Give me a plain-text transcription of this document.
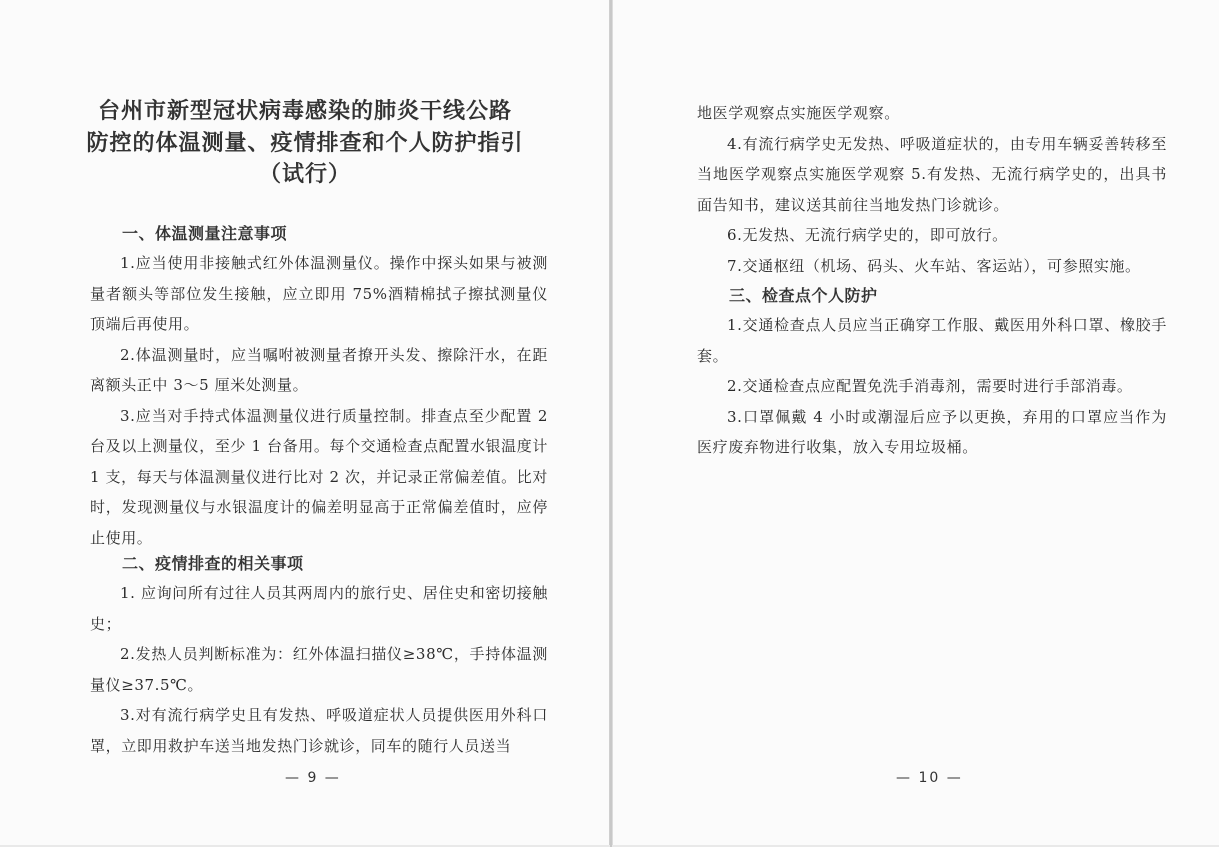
台州市新型冠状病毒感染的肺炎干线公路
防控的体温测量、疫情排查和个人防护指引
（试行）
一、体温测量注意事项

1.应当使用非接触式红外体温测量仪。操作中探头如果与被测量者额头等部位发生接触，应立即用 75%酒精棉拭子擦拭测量仪顶端后再使用。

2.体温测量时，应当嘱咐被测量者撩开头发、擦除汗水，在距离额头正中 3～5 厘米处测量。

3.应当对手持式体温测量仪进行质量控制。排查点至少配置 2 台及以上测量仪，至少 1 台备用。每个交通检查点配置水银温度计 1 支，每天与体温测量仪进行比对 2 次，并记录正常偏差值。比对时，发现测量仪与水银温度计的偏差明显高于正常偏差值时，应停止使用。

二、疫情排查的相关事项

1. 应询问所有过往人员其两周内的旅行史、居住史和密切接触史；

2.发热人员判断标准为：红外体温扫描仪≥38℃，手持体温测量仪≥37.5℃。

3.对有流行病学史且有发热、呼吸道症状人员提供医用外科口罩，立即用救护车送当地发热门诊就诊，同车的随行人员送当

— 9 —

地医学观察点实施医学观察。

4.有流行病学史无发热、呼吸道症状的，由专用车辆妥善转移至当地医学观察点实施医学观察 5.有发热、无流行病学史的，出具书面告知书，建议送其前往当地发热门诊就诊。

6.无发热、无流行病学史的，即可放行。

7.交通枢纽（机场、码头、火车站、客运站），可参照实施。

三、检查点个人防护

1.交通检查点人员应当正确穿工作服、戴医用外科口罩、橡胶手套。

2.交通检查点应配置免洗手消毒剂，需要时进行手部消毒。

3.口罩佩戴 4 小时或潮湿后应予以更换，弃用的口罩应当作为医疗废弃物进行收集，放入专用垃圾桶。

— 10 —
